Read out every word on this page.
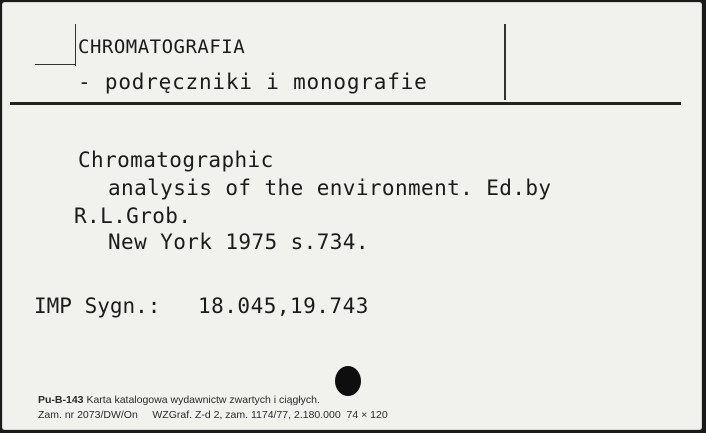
CHROMATOGRAFIA
- podręczniki i monografie
Chromatographic
analysis of the environment. Ed.by
R.L.Grob.
New York 1975 s.734.
IMP Sygn.: 18.045,19.743
Pu-B-143 Karta katalogowa wydawnictw zwartych i ciągłych.
Zam. nr 2073/DW/On     WZGraf. Z-d 2, zam. 1174/77, 2.180.000  74 × 120
